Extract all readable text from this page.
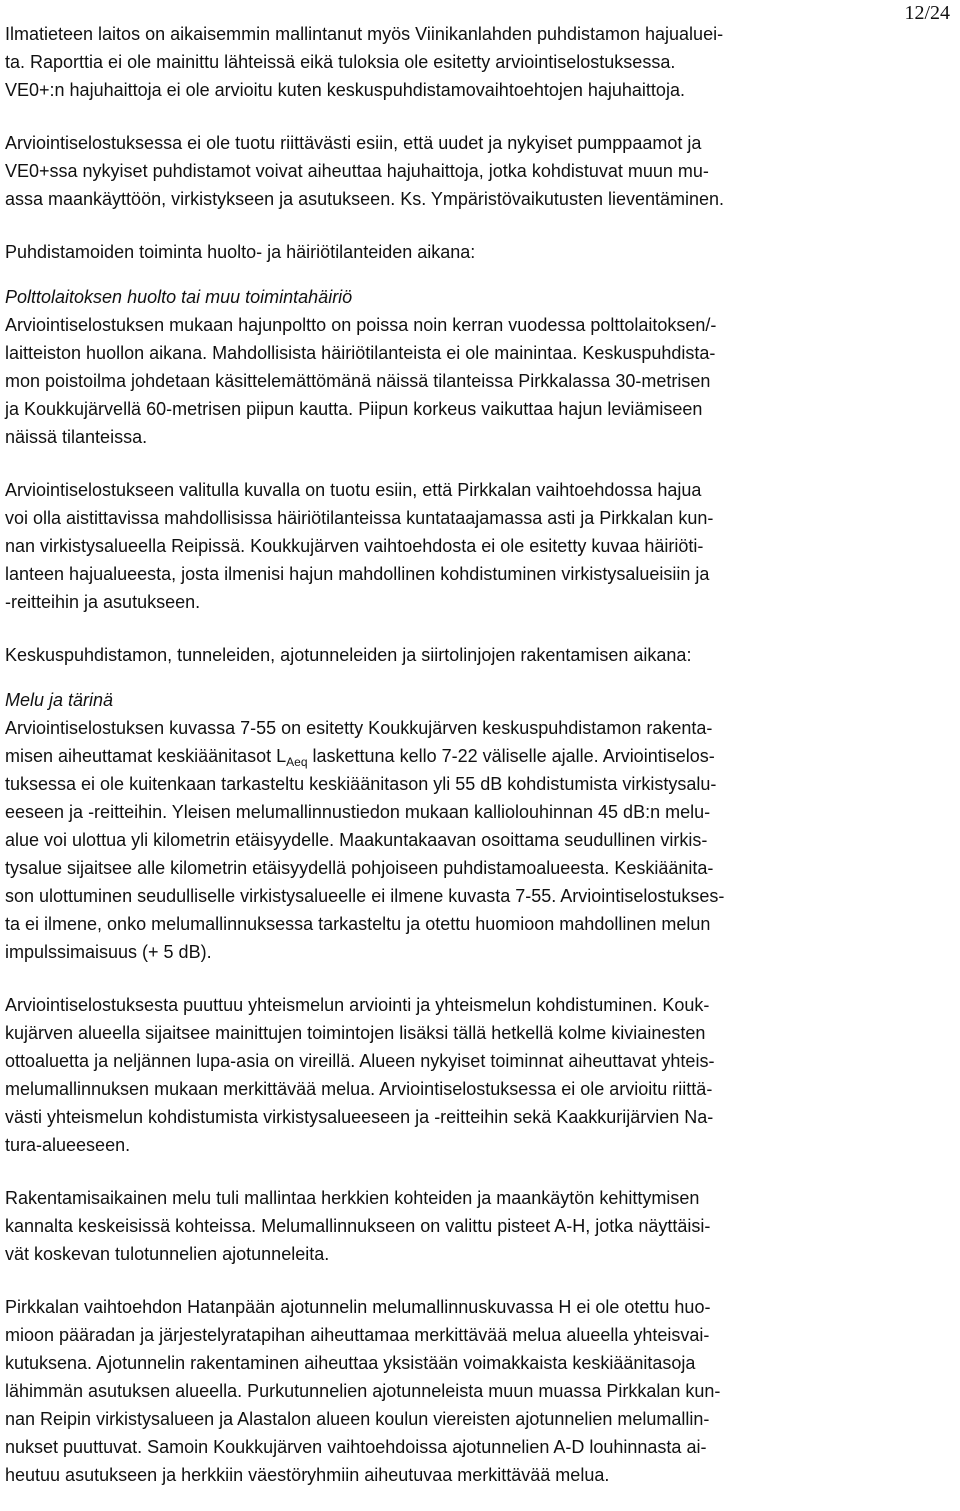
12/24

Ilmatieteen laitos on aikaisemmin mallintanut myös Viinikanlahden puhdistamon hajualuei-
ta. Raporttia ei ole mainittu lähteissä eikä tuloksia ole esitetty arviointiselostuksessa.
VE0+:n hajuhaittoja ei ole arvioitu kuten keskuspuhdistamovaihtoehtojen hajuhaittoja.

Arviointiselostuksessa ei ole tuotu riittävästi esiin, että uudet ja nykyiset pumppaamot ja
VE0+ssa nykyiset puhdistamot voivat aiheuttaa hajuhaittoja, jotka kohdistuvat muun mu-
assa maankäyttöön, virkistykseen ja asutukseen. Ks. Ympäristövaikutusten lieventäminen.

Puhdistamoiden toiminta huolto- ja häiriötilanteiden aikana:

Polttolaitoksen huolto tai muu toimintahäiriö

Arviointiselostuksen mukaan hajunpoltto on poissa noin kerran vuodessa polttolaitoksen/-
laitteiston huollon aikana. Mahdollisista häiriötilanteista ei ole mainintaa. Keskuspuhdista-
mon poistoilma johdetaan käsittelemättömänä näissä tilanteissa Pirkkalassa 30-metrisen
ja Koukkujärvellä 60-metrisen piipun kautta. Piipun korkeus vaikuttaa hajun leviämiseen
näissä tilanteissa.

Arviointiselostukseen valitulla kuvalla on tuotu esiin, että Pirkkalan vaihtoehdossa hajua
voi olla aistittavissa mahdollisissa häiriötilanteissa kuntataajamassa asti ja Pirkkalan kun-
nan virkistysalueella Reipissä. Koukkujärven vaihtoehdosta ei ole esitetty kuvaa häiriöti-
lanteen hajualueesta, josta ilmenisi hajun mahdollinen kohdistuminen virkistysalueisiin ja
-reitteihin ja asutukseen.

Keskuspuhdistamon, tunneleiden, ajotunneleiden ja siirtolinjojen rakentamisen aikana:

Melu ja tärinä

Arviointiselostuksen kuvassa 7-55 on esitetty Koukkujärven keskuspuhdistamon rakenta-
misen aiheuttamat keskiäänitasot $L_{Aeq}$ laskettuna kello 7-22 väliselle ajalle. Arviointiselos-
tuksessa ei ole kuitenkaan tarkasteltu keskiäänitason yli 55 dB kohdistumista virkistysalu-
eeseen ja -reitteihin. Yleisen melumallinnustiedon mukaan kalliolouhinnan 45 dB:n melu-
alue voi ulottua yli kilometrin etäisyydelle. Maakuntakaavan osoittama seudullinen virkis-
tysalue sijaitsee alle kilometrin etäisyydellä pohjoiseen puhdistamoalueesta. Keskiäänita-
son ulottuminen seudulliselle virkistysalueelle ei ilmene kuvasta 7-55. Arviointiselostukses-
ta ei ilmene, onko melumallinnuksessa tarkasteltu ja otettu huomioon mahdollinen melun
impulssimaisuus (+ 5 dB).

Arviointiselostuksesta puuttuu yhteismelun arviointi ja yhteismelun kohdistuminen. Kouk-
kujärven alueella sijaitsee mainittujen toimintojen lisäksi tällä hetkellä kolme kiviainesten
ottoaluetta ja neljännen lupa-asia on vireillä. Alueen nykyiset toiminnat aiheuttavat yhteis-
melumallinnuksen mukaan merkittävää melua. Arviointiselostuksessa ei ole arvioitu riittä-
västi yhteismelun kohdistumista virkistysalueeseen ja -reitteihin sekä Kaakkurijärvien Na-
tura-alueeseen.

Rakentamisaikainen melu tuli mallintaa herkkien kohteiden ja maankäytön kehittymisen
kannalta keskeisissä kohteissa. Melumallinnukseen on valittu pisteet A-H, jotka näyttäisi-
vät koskevan tulotunnelien ajotunneleita.

Pirkkalan vaihtoehdon Hatanpään ajotunnelin melumallinnuskuvassa H ei ole otettu huo-
mioon pääradan ja järjestelyratapihan aiheuttamaa merkittävää melua alueella yhteisvai-
kutuksena. Ajotunnelin rakentaminen aiheuttaa yksistään voimakkaista keskiäänitasoja
lähimmän asutuksen alueella. Purkutunnelien ajotunneleista muun muassa Pirkkalan kun-
nan Reipin virkistysalueen ja Alastalon alueen koulun viereisten ajotunnelien melumallin-
nukset puuttuvat. Samoin Koukkujärven vaihtoehdoissa ajotunnelien A-D louhinnasta ai-
heutuu asutukseen ja herkkiin väestöryhmiin aiheutuvaa merkittävää melua.
